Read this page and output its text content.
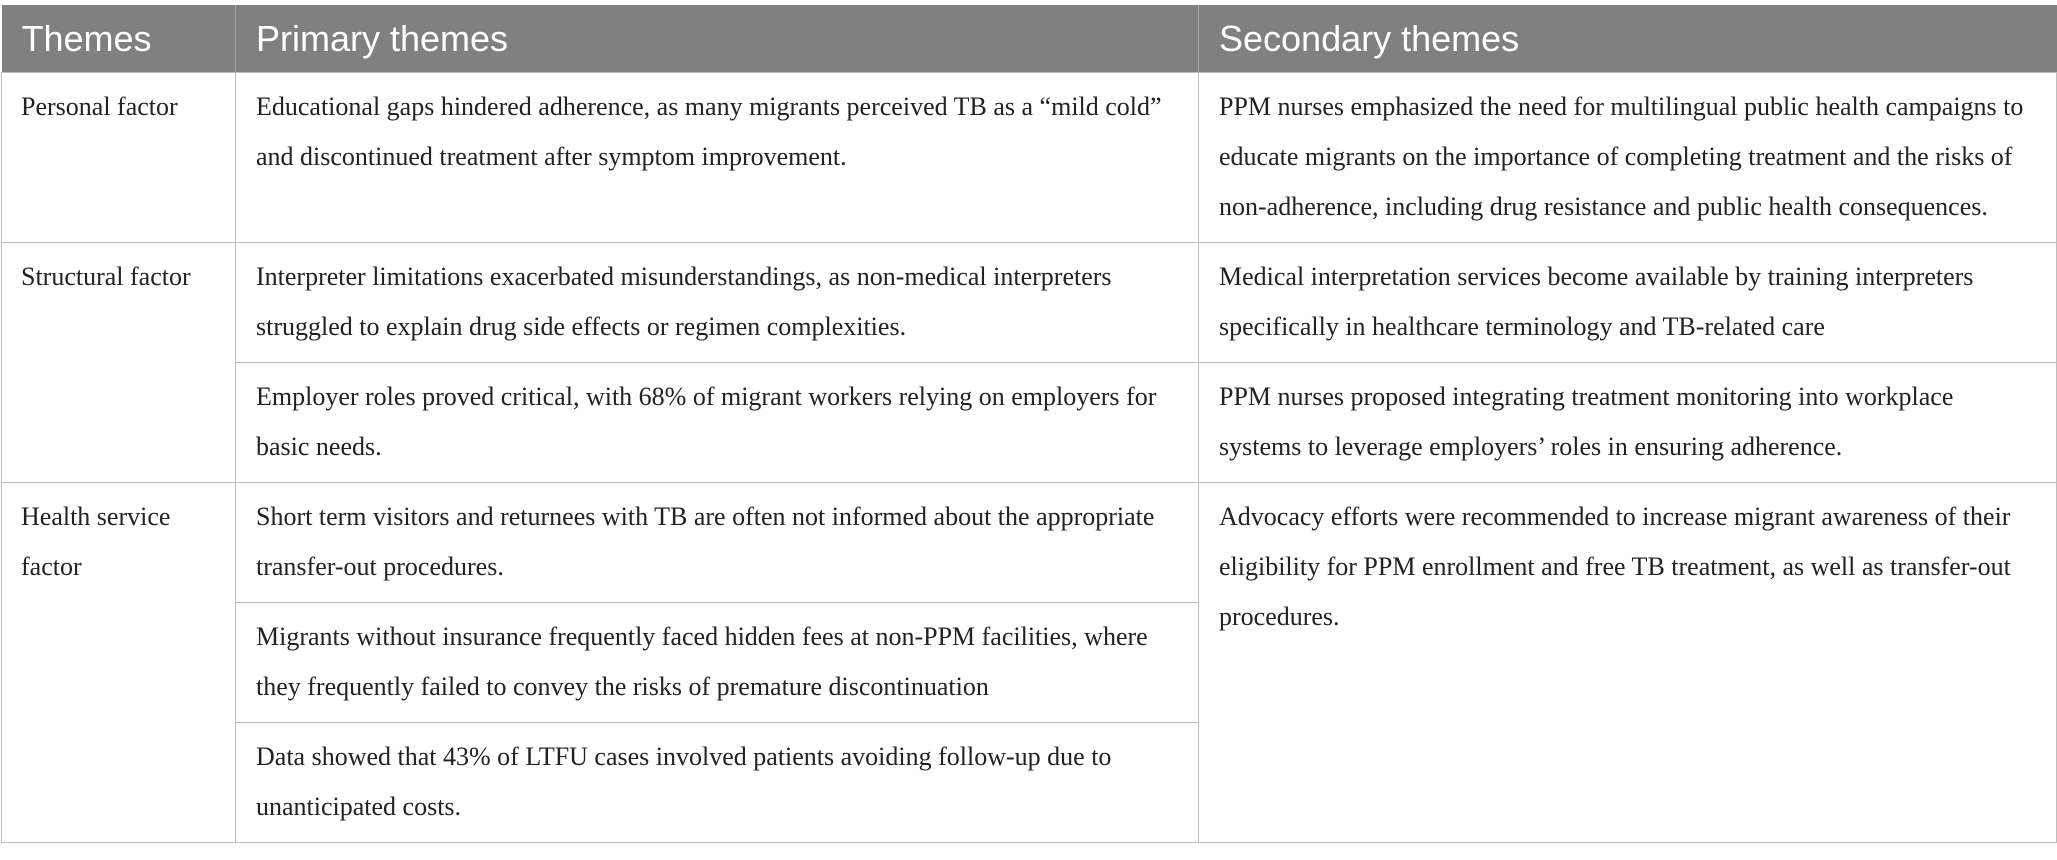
Themes	Primary themes	Secondary themes
Personal factor	Educational gaps hindered adherence, as many migrants perceived TB as a “mild cold” and discontinued treatment after symptom improvement.	PPM nurses emphasized the need for multilingual public health campaigns to educate migrants on the importance of completing treatment and the risks of non-adherence, including drug resistance and public health consequences.
Structural factor	Interpreter limitations exacerbated misunderstandings, as non-medical interpreters struggled to explain drug side effects or regimen complexities.	Medical interpretation services become available by training interpreters specifically in healthcare terminology and TB-related care
	Employer roles proved critical, with 68% of migrant workers relying on employers for basic needs.	PPM nurses proposed integrating treatment monitoring into workplace systems to leverage employers’ roles in ensuring adherence.
Health service factor	Short term visitors and returnees with TB are often not informed about the appropriate transfer-out procedures.	Advocacy efforts were recommended to increase migrant awareness of their eligibility for PPM enrollment and free TB treatment, as well as transfer-out procedures.
	Migrants without insurance frequently faced hidden fees at non-PPM facilities, where they frequently failed to convey the risks of premature discontinuation	
	Data showed that 43% of LTFU cases involved patients avoiding follow-up due to unanticipated costs.	
